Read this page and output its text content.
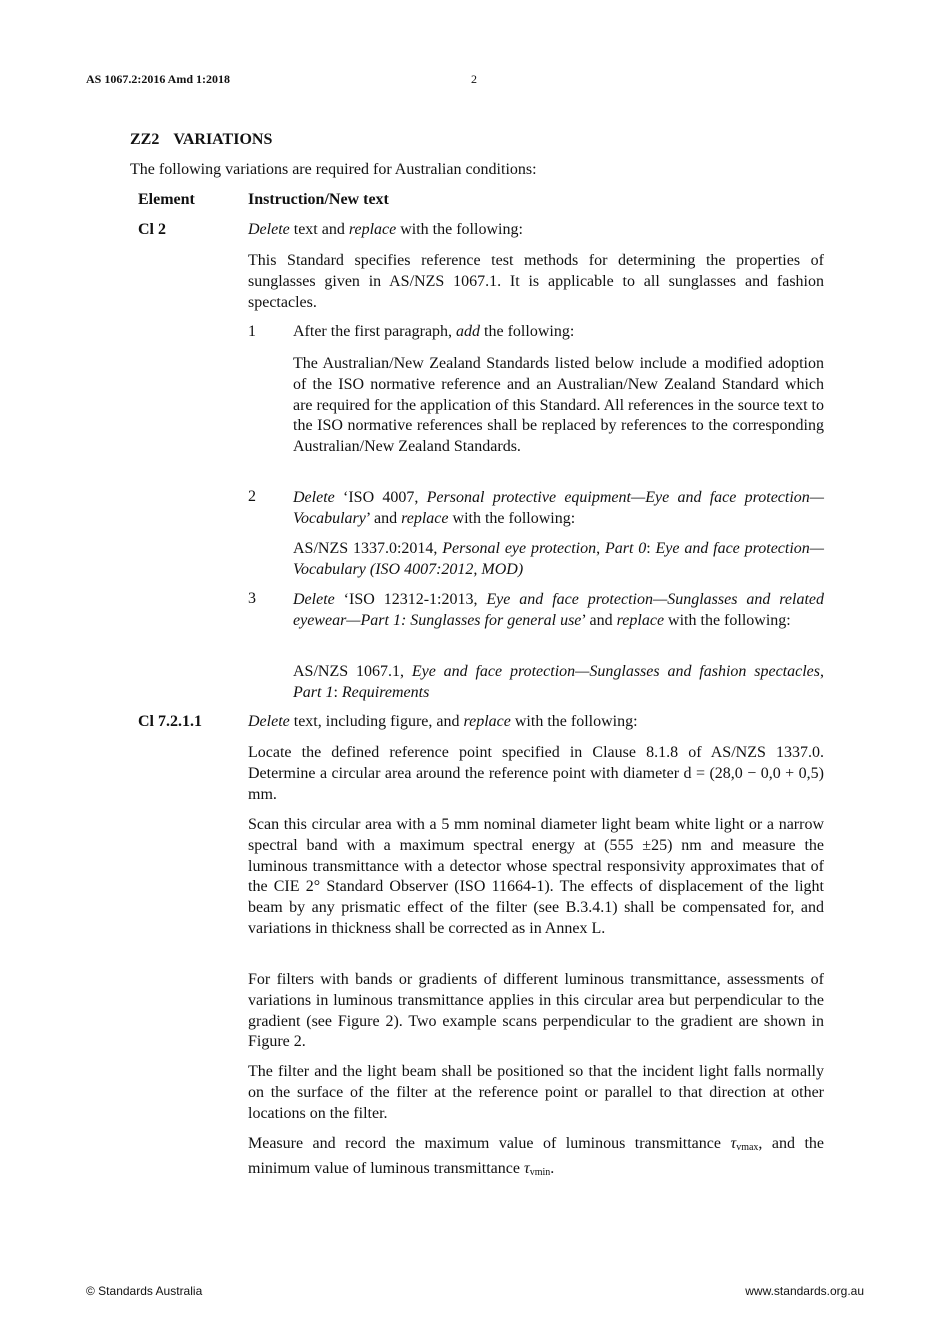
AS 1067.2:2016 Amd 1:2018	2
ZZ2 VARIATIONS
The following variations are required for Australian conditions:
Element	Instruction/New text
Cl 2	Delete text and replace with the following:

This Standard specifies reference test methods for determining the properties of sunglasses given in AS/NZS 1067.1. It is applicable to all sunglasses and fashion spectacles.

1 After the first paragraph, add the following:

The Australian/New Zealand Standards listed below include a modified adoption of the ISO normative reference and an Australian/New Zealand Standard which are required for the application of this Standard. All references in the source text to the ISO normative references shall be replaced by references to the corresponding Australian/New Zealand Standards.

2 Delete ‘ISO 4007, Personal protective equipment—Eye and face protection—Vocabulary’ and replace with the following:

AS/NZS 1337.0:2014, Personal eye protection, Part 0: Eye and face protection—Vocabulary (ISO 4007:2012, MOD)

3 Delete ‘ISO 12312-1:2013, Eye and face protection—Sunglasses and related eyewear—Part 1: Sunglasses for general use’ and replace with the following:

AS/NZS 1067.1, Eye and face protection—Sunglasses and fashion spectacles, Part 1: Requirements

Cl 7.2.1.1	Delete text, including figure, and replace with the following:

Locate the defined reference point specified in Clause 8.1.8 of AS/NZS 1337.0. Determine a circular area around the reference point with diameter d = (28,0 − 0,0 + 0,5) mm.

Scan this circular area with a 5 mm nominal diameter light beam white light or a narrow spectral band with a maximum spectral energy at (555 ±25) nm and measure the luminous transmittance with a detector whose spectral responsivity approximates that of the CIE 2° Standard Observer (ISO 11664-1). The effects of displacement of the light beam by any prismatic effect of the filter (see B.3.4.1) shall be compensated for, and variations in thickness shall be corrected as in Annex L.

For filters with bands or gradients of different luminous transmittance, assessments of variations in luminous transmittance applies in this circular area but perpendicular to the gradient (see Figure 2). Two example scans perpendicular to the gradient are shown in Figure 2.

The filter and the light beam shall be positioned so that the incident light falls normally on the surface of the filter at the reference point or parallel to that direction at other locations on the filter.

Measure and record the maximum value of luminous transmittance $\tau_{vmax}$, and the minimum value of luminous transmittance $\tau_{vmin}$.

© Standards Australia	www.standards.org.au
